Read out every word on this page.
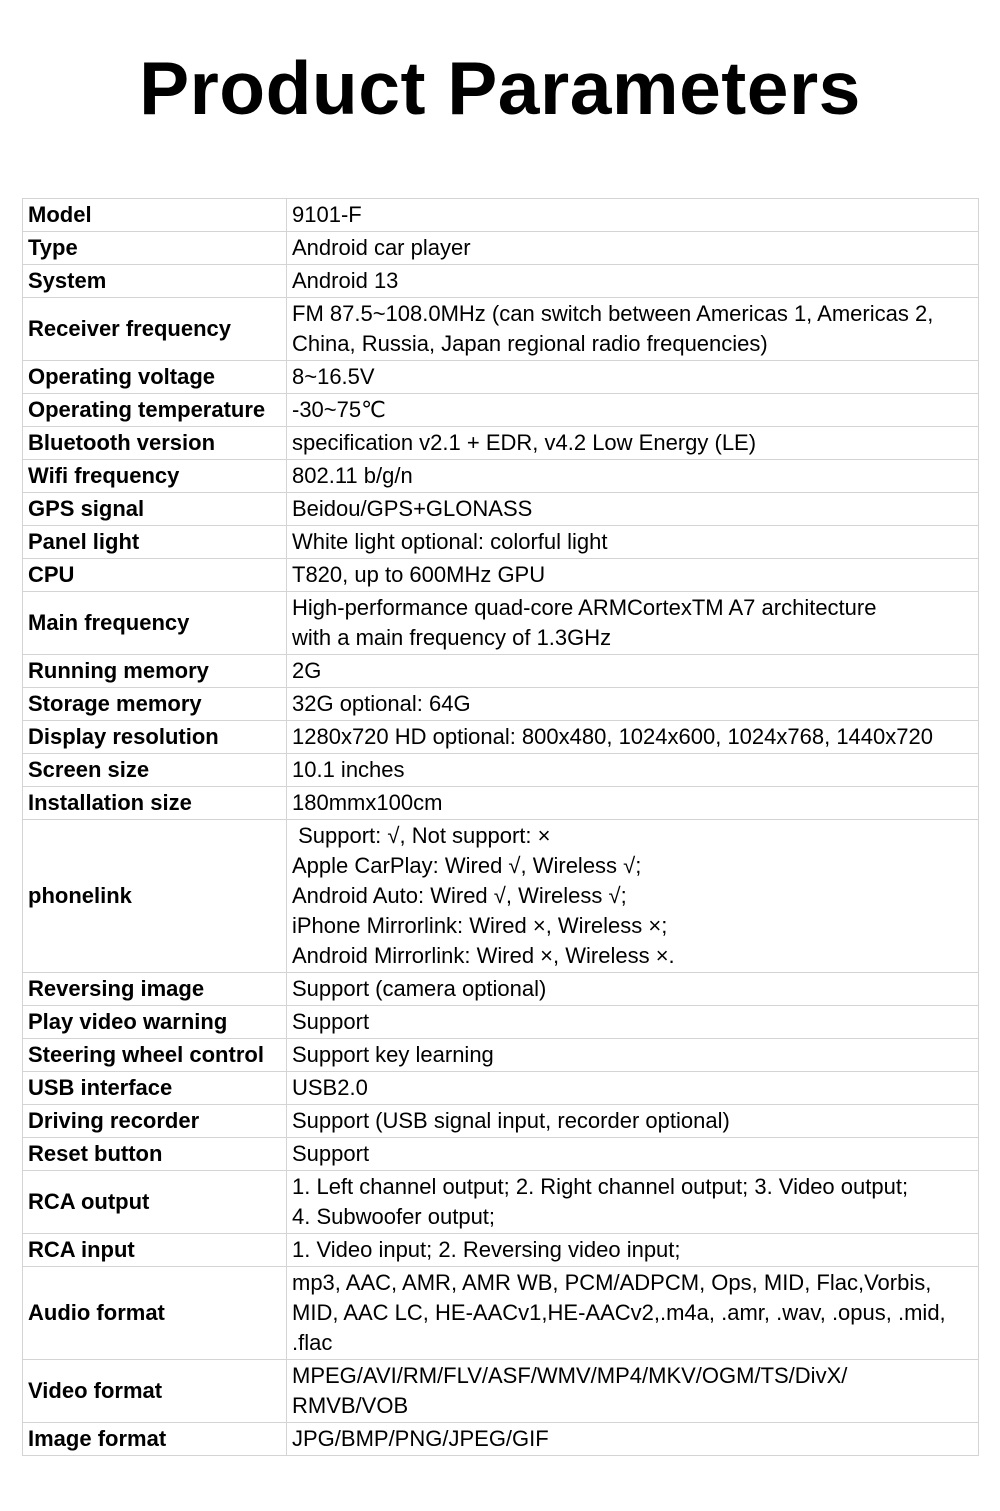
Product Parameters
Model	9101-F

Type	Android car player

System	Android 13

Receiver frequency	FM 87.5~108.0MHz (can switch between Americas 1, Americas 2,
China, Russia, Japan regional radio frequencies)

Operating voltage	8~16.5V

Operating temperature	-30~75℃

Bluetooth version	specification v2.1 + EDR, v4.2 Low Energy (LE)

Wifi frequency	802.11 b/g/n

GPS signal	Beidou/GPS+GLONASS

Panel light	White light optional: colorful light

CPU	T820, up to 600MHz GPU

Main frequency	High-performance quad-core ARMCortexTM A7 architecture
with a main frequency of 1.3GHz

Running memory	2G

Storage memory	32G optional: 64G

Display resolution	1280x720 HD optional: 800x480, 1024x600, 1024x768, 1440x720

Screen size	10.1 inches

Installation size	180mmx100cm

phonelink	Support: √, Not support: ×
Apple CarPlay: Wired √, Wireless √;
Android Auto: Wired √, Wireless √;
iPhone Mirrorlink: Wired ×, Wireless ×;
Android Mirrorlink: Wired ×, Wireless ×.

Reversing image	Support (camera optional)

Play video warning	Support

Steering wheel control	Support key learning

USB interface	USB2.0

Driving recorder	Support (USB signal input, recorder optional)

Reset button	Support

RCA output	1. Left channel output; 2. Right channel output; 3. Video output;
4. Subwoofer output;

RCA input	1. Video input; 2. Reversing video input;

Audio format	mp3, AAC, AMR, AMR WB, PCM/ADPCM, Ops, MID, Flac,Vorbis,
MID, AAC LC, HE-AACv1,HE-AACv2,.m4a, .amr, .wav, .opus, .mid,
.flac

Video format	MPEG/AVI/RM/FLV/ASF/WMV/MP4/MKV/OGM/TS/DivX/
RMVB/VOB

Image format	JPG/BMP/PNG/JPEG/GIF
